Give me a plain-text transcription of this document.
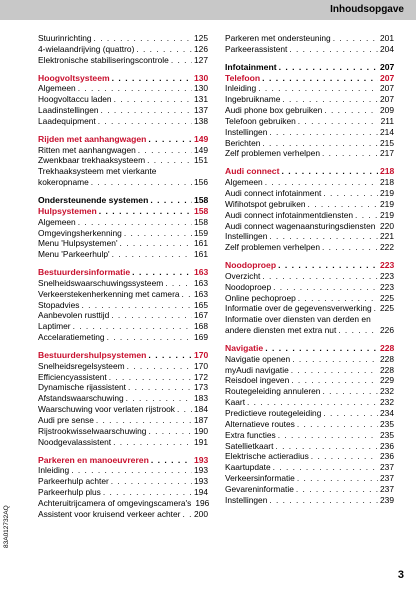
Inhoudsopgave
Stuurinrichting . . .	125
4-wielaandrijving (quattro) . . .	126
Elektronische stabiliseringscontrole . . .	127
Hoogvoltsysteem . . .	130
Algemeen . . .	130
Hoogvoltaccu laden . . .	131
Laadinstellingen . . .	137
Laadequipment . . .	138
Rijden met aanhangwagen . . .	149
Ritten met aanhangwagen . . .	149
Zwenkbaar trekhaaksysteem . . .	151
Trekhaaksysteem met vierkante
kokeropname . . .	156
Ondersteunende systemen . . .	158
Hulpsystemen . . .	158
Algemeen . . .	158
Omgevingsherkenning . . .	159
Menu 'Hulpsystemen' . . .	161
Menu 'Parkeerhulp' . . .	161
Bestuurdersinformatie . . .	163
Snelheidswaarschuwingssysteem . . .	163
Verkeerstekenherkenning met camera . . . 163
Stopadvies . . .	165
Aanbevolen rusttijd . . .	167
Laptimer . . .	168
Accelaratiemeting . . .	169
Bestuurdershulpsystemen . . .	170
Snelheidsregelsysteem . . .	170
Efficiencyassistent . . .	172
Dynamische rijassistent . . .	173
Afstandswaarschuwing . . .	183
Waarschuwing voor verlaten rijstrook . . . 184
Audi pre sense . . .	187
Rijstrookwisselwaarschuwing . . .	190
Noodgevalassistent . . .	191
Parkeren en manoeuvreren . . .	193
Inleiding . . .	193
Parkeerhulp achter . . .	193
Parkeerhulp plus . . .	194
Achteruitrijcamera of omgevingscamera's 196
Assistent voor kruisend verkeer achter . . . 200
Parkeren met ondersteuning . . .	201
Parkeerassistent . . .	204
Infotainment . . .	207
Telefoon . . .	207
Inleiding . . .	207
Ingebruikname . . .	207
Audi phone box gebruiken . . .	209
Telefoon gebruiken . . .	211
Instellingen . . .	214
Berichten . . .	215
Zelf problemen verhelpen . . .	217
Audi connect . . .	218
Algemeen . . .	218
Audi connect infotainment . . .	219
Wifihotspot gebruiken . . .	219
Audi connect infotainmentdiensten . . .	219
Audi connect wagenaansturingsdiensten . . . 220
Instellingen . . .	221
Zelf problemen verhelpen . . .	222
Noodoproep . . .	223
Overzicht . . .	223
Noodoproep . . .	223
Online pechoproep . . .	225
Informatie over de gegevensverwerking . . . 225
Informatie over diensten van derden en
andere diensten met extra nut . . .	226
Navigatie . . .	228
Navigatie openen . . .	228
myAudi navigatie . . .	228
Reisdoel ingeven . . .	229
Routegeleiding annuleren . . .	232
Kaart . . .	232
Predictieve routegeleiding . . .	234
Alternatieve routes . . .	235
Extra functies . . .	235
Satellietkaart . . .	236
Elektrische actieradius . . .	236
Kaartupdate . . .	237
Verkeersinformatie . . .	237
Gevareninformatie . . .	237
Instellingen . . .	239
83A012732AQ
3
